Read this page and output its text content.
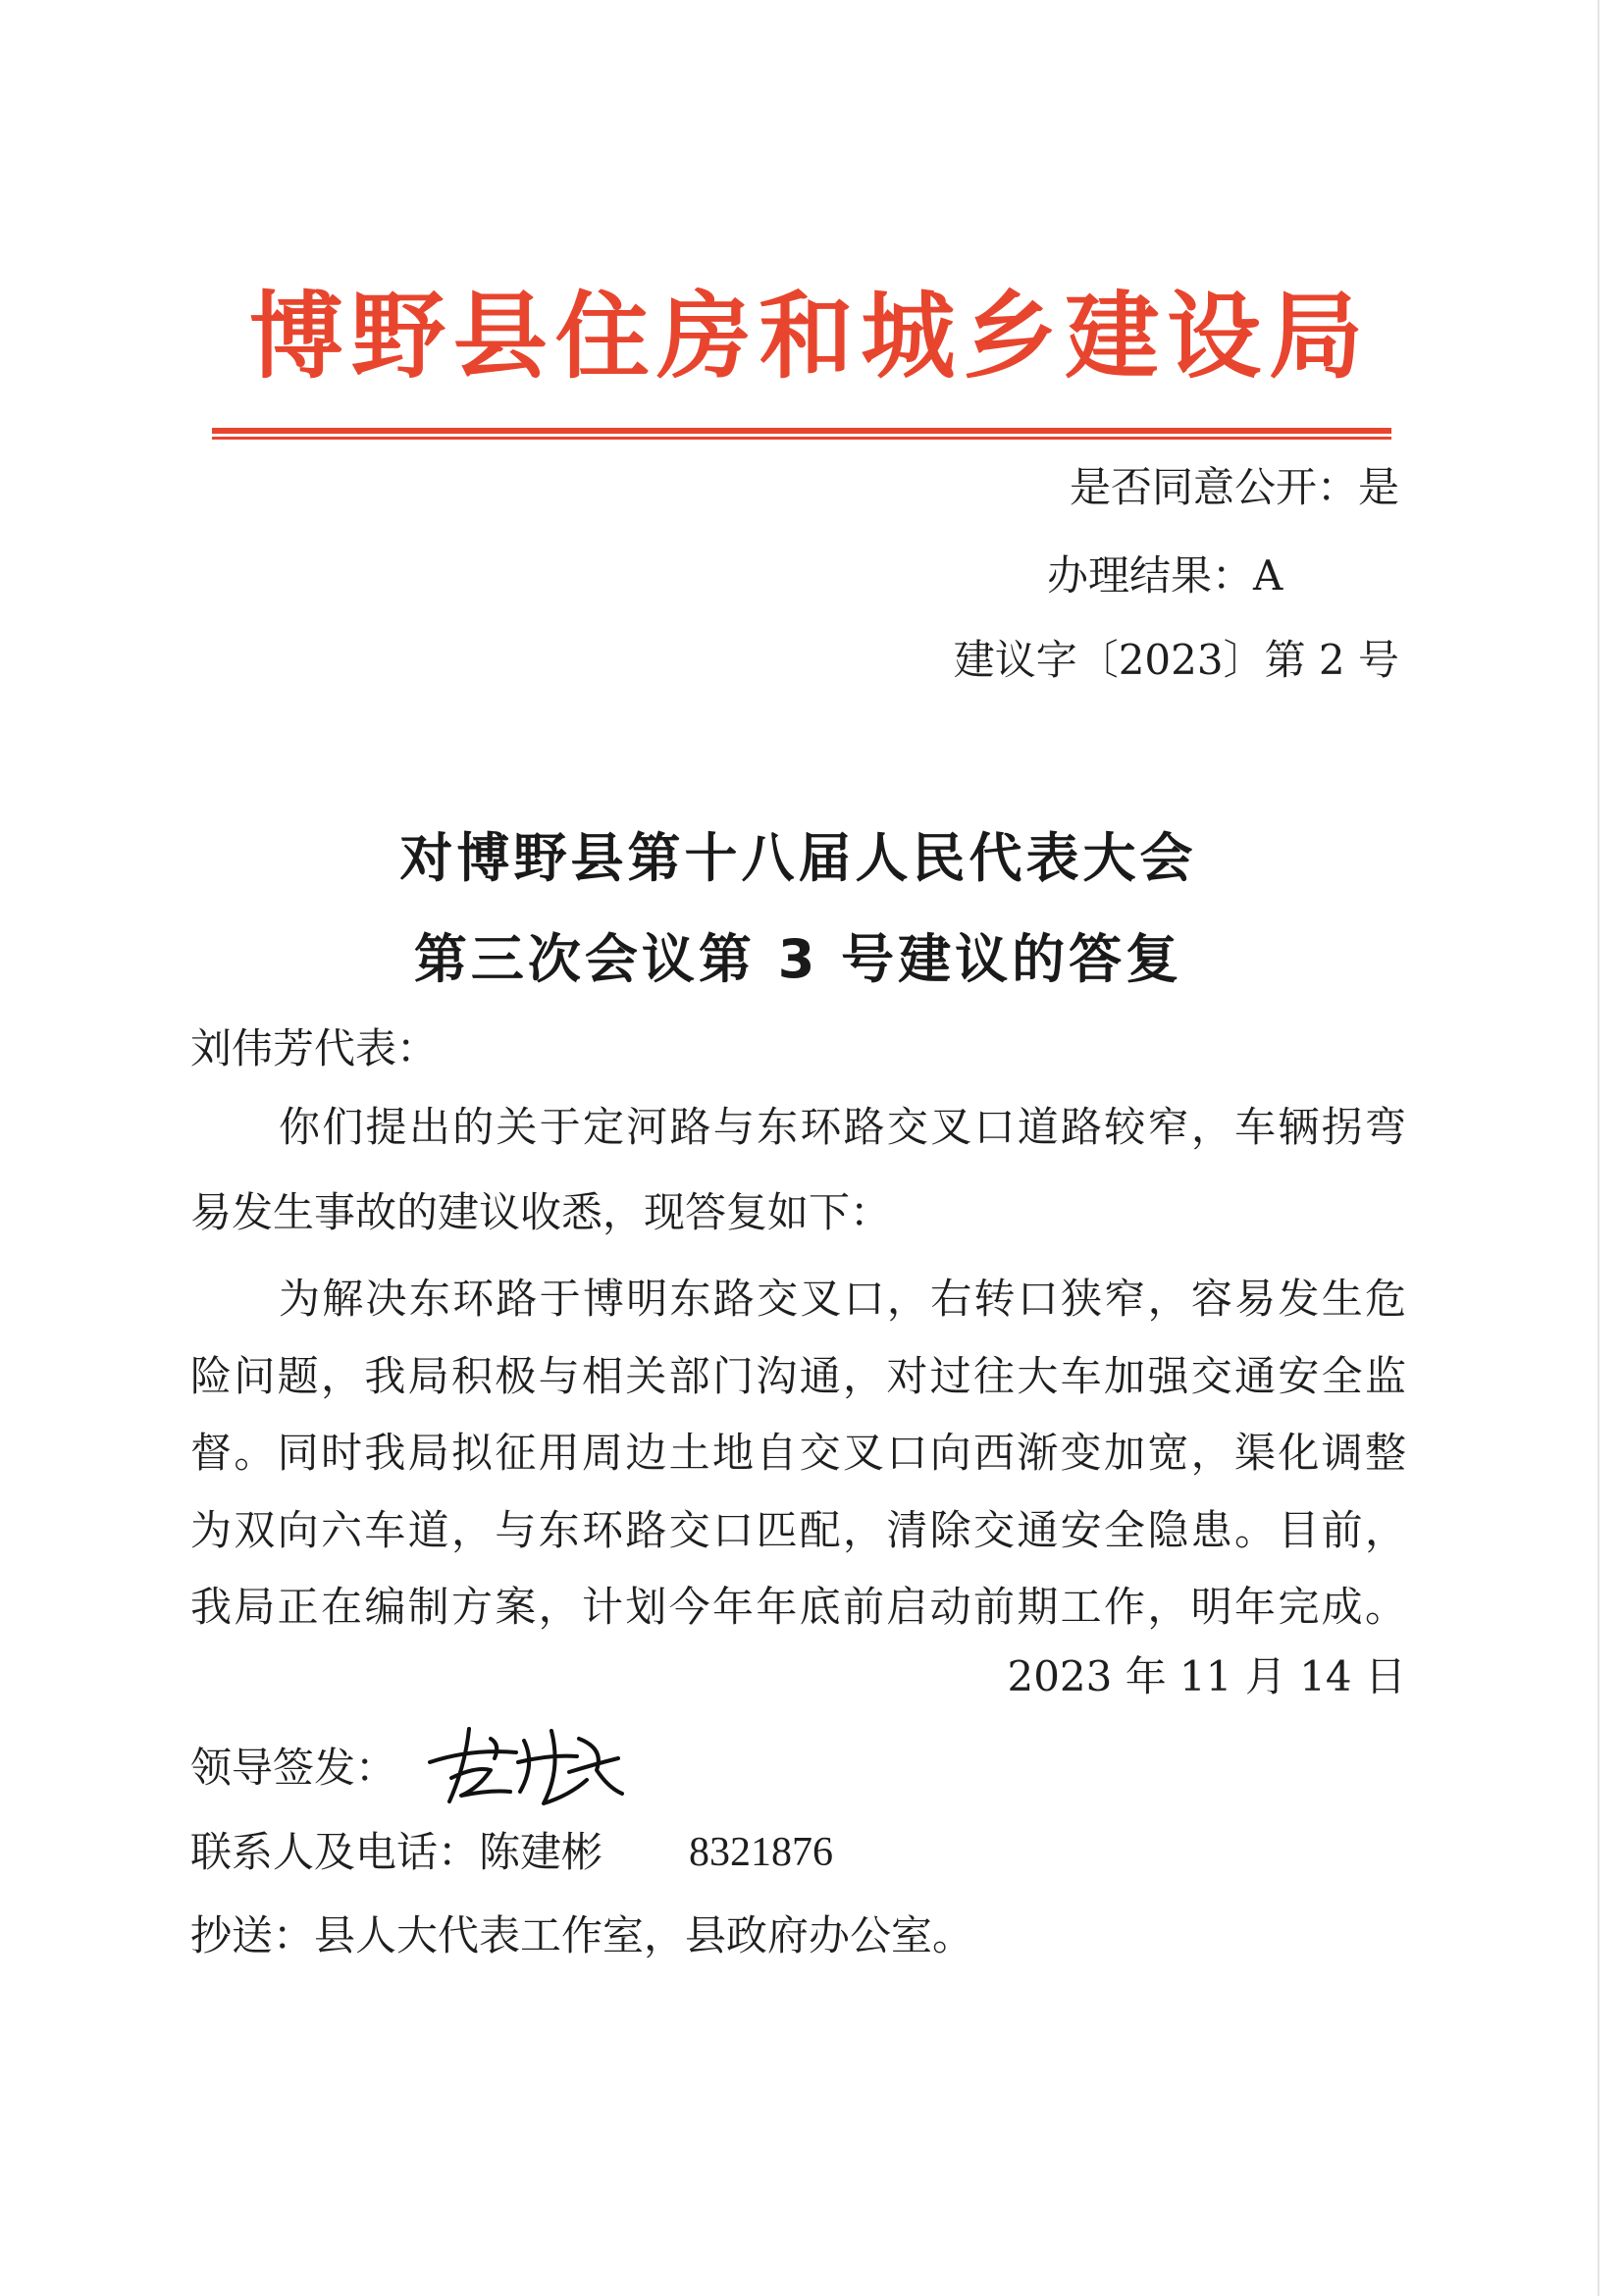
博野县住房和城乡建设局
是否同意公开：是
办理结果：A
建议字〔2023〕第 2 号
对博野县第十八届人民代表大会
第三次会议第 3 号建议的答复
刘伟芳代表：
你们提出的关于定河路与东环路交叉口道路较窄，车辆拐弯
易发生事故的建议收悉，现答复如下：
为解决东环路于博明东路交叉口，右转口狭窄，容易发生危
险问题，我局积极与相关部门沟通，对过往大车加强交通安全监
督。同时我局拟征用周边土地自交叉口向西渐变加宽，渠化调整
为双向六车道，与东环路交口匹配，清除交通安全隐患。目前，
我局正在编制方案，计划今年年底前启动前期工作，明年完成。
2023 年 11 月 14 日
领导签发：
联系人及电话：陈建彬 8321876
抄送：县人大代表工作室，县政府办公室。
